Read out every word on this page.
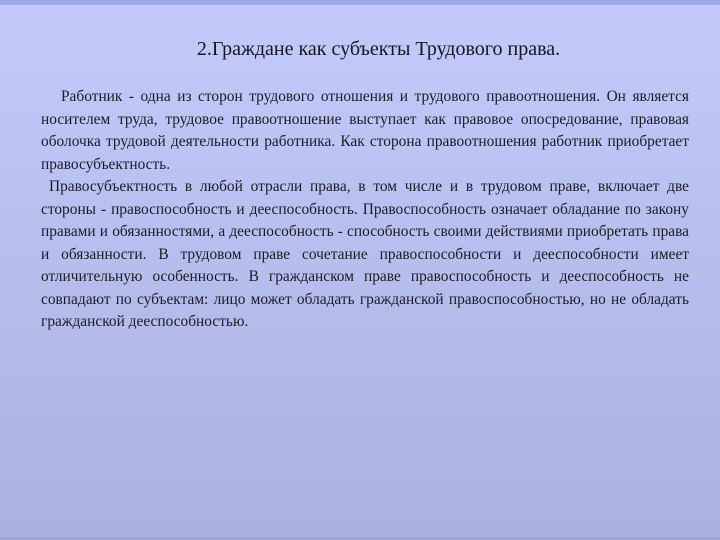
2.Граждане как субъекты Трудового права.

Работник - одна из сторон трудового отношения и трудового правоотношения. Он является носителем труда, трудовое правоотношение выступает как правовое опосредование, правовая оболочка трудовой деятельности работника. Как сторона правоотношения работник приобретает правосубъектность.

Правосубъектность в любой отрасли права, в том числе и в трудовом праве, включает две стороны - правоспособность и дееспособность. Правоспособность означает обладание по закону правами и обязанностями, а дееспособность - способность своими действиями приобретать права и обязанности. В трудовом праве сочетание правоспособности и дееспособности имеет отличительную особенность. В гражданском праве правоспособность и дееспособность не совпадают по субъектам: лицо может обладать гражданской правоспособностью, но не обладать гражданской дееспособностью.
